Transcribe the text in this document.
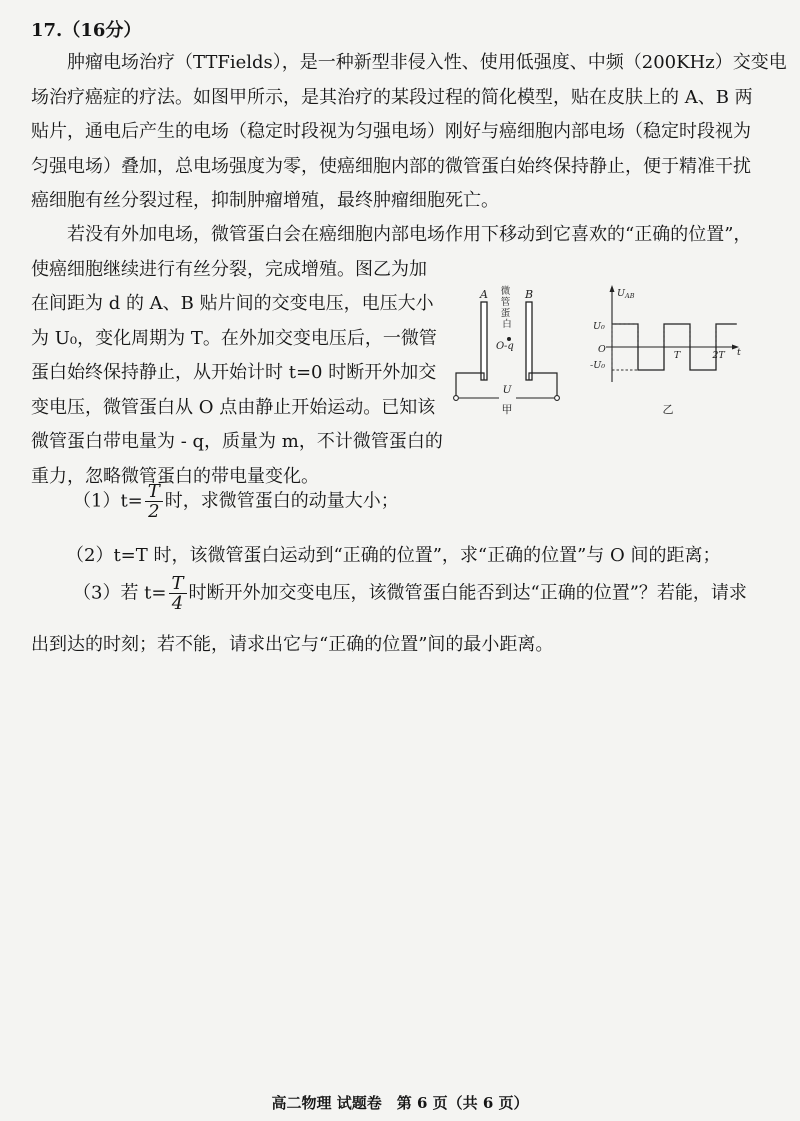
17.（16分）
　　肿瘤电场治疗（TTFields），是一种新型非侵入性、使用低强度、中频（200KHz）交变电
场治疗癌症的疗法。如图甲所示，是其治疗的某段过程的简化模型，贴在皮肤上的 A、B 两
贴片，通电后产生的电场（稳定时段视为匀强电场）刚好与癌细胞内部电场（稳定时段视为
匀强电场）叠加，总电场强度为零，使癌细胞内部的微管蛋白始终保持静止，便于精准干扰
癌细胞有丝分裂过程，抑制肿瘤增殖，最终肿瘤细胞死亡。
　　若没有外加电场，微管蛋白会在癌细胞内部电场作用下移动到它喜欢的“正确的位置”，
使癌细胞继续进行有丝分裂，完成增殖。图乙为加
在间距为 d 的 A、B 贴片间的交变电压，电压大小
为 U₀，变化周期为 T。在外加交变电压后，一微管
蛋白始终保持静止，从开始计时 t=0 时断开外加交
变电压，微管蛋白从 O 点由静止开始运动。已知该
微管蛋白带电量为 - q，质量为 m，不计微管蛋白的
重力，忽略微管蛋白的带电量变化。
A	B
微 管 蛋 白
O -q
U
甲
$U_{AB}$
t
O
U₀
-U₀
T	2T
乙
$(1)t= \frac{T}{2}$ 时，求微管蛋白的动量大小；
（2）t=T 时，该微管蛋白运动到“正确的位置”，求“正确的位置”与 O 间的距离；
（3）若 $t= \frac{T}{4}$ 时断开外加交变电压，该微管蛋白能否到达“正确的位置”？若能，请求
出到达的时刻；若不能，请求出它与“正确的位置”间的最小距离。
高二物理 试题卷　第 6 页（共 6 页）
